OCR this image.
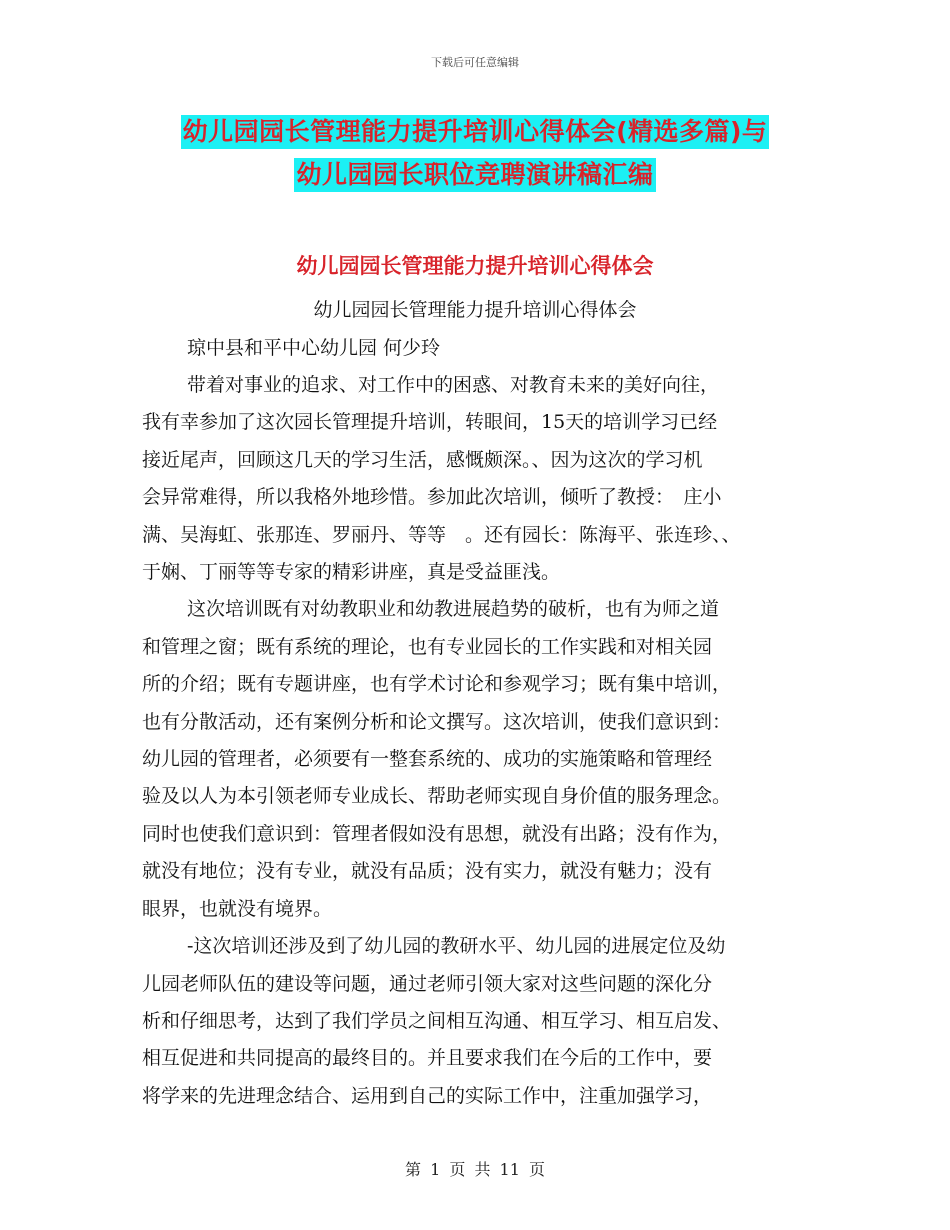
下载后可任意编辑
幼儿园园长管理能力提升培训心得体会(精选多篇)与
幼儿园园长职位竞聘演讲稿汇编
幼儿园园长管理能力提升培训心得体会
幼儿园园长管理能力提升培训心得体会
琼中县和平中心幼儿园 何少玲
带着对事业的追求、对工作中的困惑、对教育未来的美好向往，
我有幸参加了这次园长管理提升培训，转眼间，15天的培训学习已经
接近尾声，回顾这几天的学习生活，感慨颇深。、因为这次的学习机
会异常难得，所以我格外地珍惜。参加此次培训，倾听了教授：　庄小
满、吴海虹、张那连、罗丽丹、等等　。还有园长：陈海平、张连珍、、
于娴、丁丽等等专家的精彩讲座，真是受益匪浅。
这次培训既有对幼教职业和幼教进展趋势的破析，也有为师之道
和管理之窗；既有系统的理论，也有专业园长的工作实践和对相关园
所的介绍；既有专题讲座，也有学术讨论和参观学习；既有集中培训，
也有分散活动，还有案例分析和论文撰写。这次培训，使我们意识到：
幼儿园的管理者，必须要有一整套系统的、成功的实施策略和管理经
验及以人为本引领老师专业成长、帮助老师实现自身价值的服务理念。
同时也使我们意识到：管理者假如没有思想，就没有出路；没有作为，
就没有地位；没有专业，就没有品质；没有实力，就没有魅力；没有
眼界，也就没有境界。
-这次培训还涉及到了幼儿园的教研水平、幼儿园的进展定位及幼
儿园老师队伍的建设等问题，通过老师引领大家对这些问题的深化分
析和仔细思考，达到了我们学员之间相互沟通、相互学习、相互启发、
相互促进和共同提高的最终目的。并且要求我们在今后的工作中，要
将学来的先进理念结合、运用到自己的实际工作中，注重加强学习，
第 1 页 共 11 页
